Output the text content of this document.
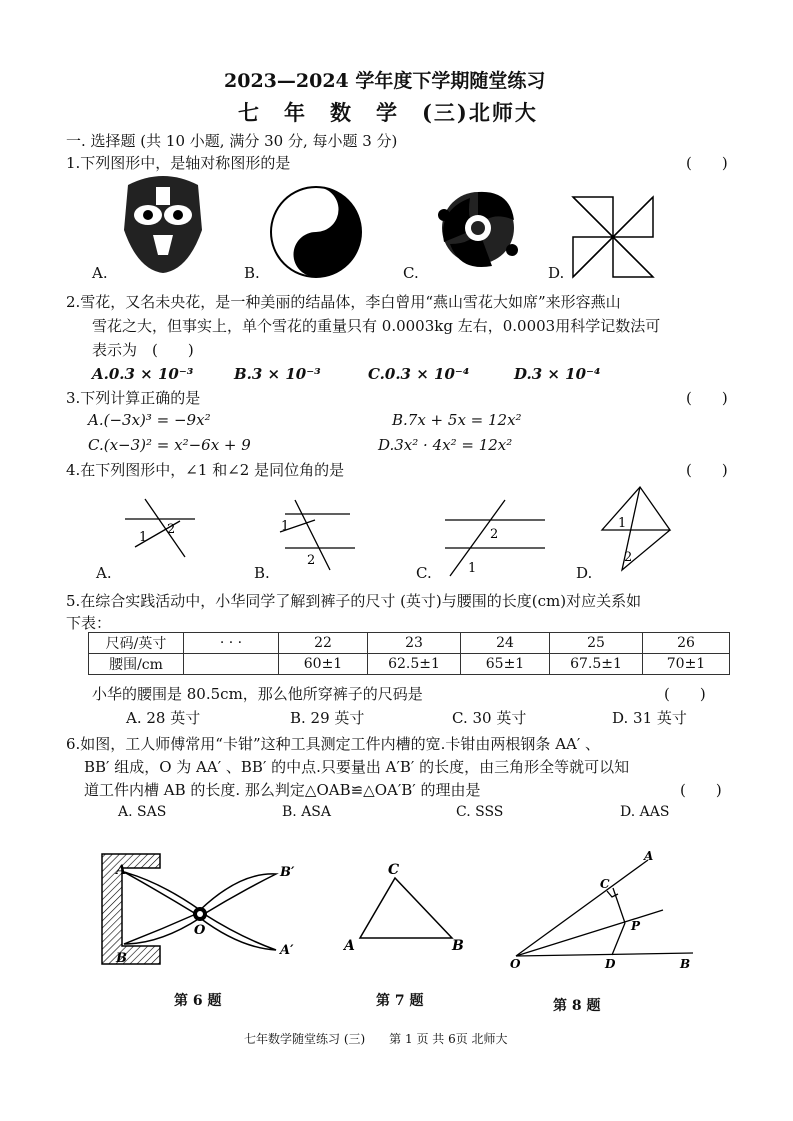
2023—2024 学年度下学期随堂练习
七　年　数　学　(三)北师大
一. 选择题 (共 10 小题, 满分 30 分, 每小题 3 分)
1.下列图形中，是轴对称图形的是	(　　)
A.	B.	C.	D.
2.雪花，又名未央花，是一种美丽的结晶体，李白曾用“燕山雪花大如席”来形容燕山
雪花之大，但事实上，单个雪花的重量只有 0.0003kg 左右，0.0003用科学记数法可
表示为　(　　)
A.0.3 × 10⁻³	B.3 × 10⁻³	C.0.3 × 10⁻⁴	D.3 × 10⁻⁴
3.下列计算正确的是	(　　)
A.(−3x)³ = −9x²	B.7x + 5x = 12x²
C.(x−3)² = x²−6x + 9	D.3x² · 4x² = 12x²
4.在下列图形中，∠1 和∠2 是同位角的是	(　　)
1
2
A.
1
2
B.
2
1
C.
1
2
D.
5.在综合实践活动中，小华同学了解到裤子的尺寸 (英寸)与腰围的长度(cm)对应关系如
下表：
尺码/英寸	· · ·	22	23	24	25	26
腰围/cm		60±1	62.5±1	65±1	67.5±1	70±1
小华的腰围是 80.5cm，那么他所穿裤子的尺码是	(　　)
A. 28 英寸	B. 29 英寸	C. 30 英寸	D. 31 英寸
6.如图，工人师傅常用“卡钳”这种工具测定工件内槽的宽.卡钳由两根钢条 AA′ 、
BB′ 组成，O 为 AA′ 、BB′ 的中点.只要量出 A′B′ 的长度，由三角形全等就可以知
道工件内槽 AB 的长度. 那么判定△OAB≌△OA′B′ 的理由是	(　　)
A. SAS	B. ASA	C. SSS	D. AAS
A
B
B′
A′
O
第 6 题
C
A	B
第 7 题
A
C
P
D
O	B
第 8 题
七年数学随堂练习 (三)　　第 1 页 共 6页 北师大
